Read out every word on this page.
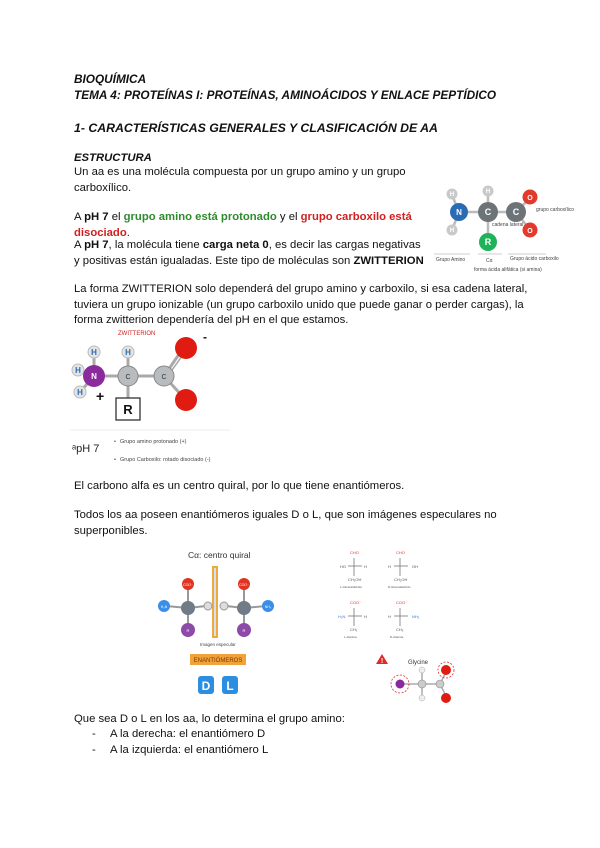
BIOQUÍMICA
TEMA 4: PROTEÍNAS I: PROTEÍNAS, AMINOÁCIDOS Y ENLACE PEPTÍDICO
1- CARACTERÍSTICAS GENERALES Y CLASIFICACIÓN DE AA
ESTRUCTURA
Un aa es una molécula compuesta por un grupo amino y un grupo carboxílico.
A pH 7 el grupo amino está protonado y el grupo carboxilo está disociado.
A pH 7, la molécula tiene carga neta 0, es decir las cargas negativas y positivas están igualadas. Este tipo de moléculas son ZWITTERION
La forma ZWITTERION solo dependerá del grupo amino y carboxilo, si esa cadena lateral, tuviera un grupo ionizable (un grupo carboxilo unido que puede ganar o perder cargas), la forma zwitterion dependería del pH en el que estamos.
H
H
H
N	C C
O
O
R
grupo carboxílico
cadena lateral
Grupo Amino	Cα	Grupo ácido carboxilo
forma ácida alifática (si amina)
ZWITTERION
H
H
H
H
N	C	C
R
+
-
ᵃpH 7
• Grupo amino protonado (+)
• Grupo Carboxilo: rotado disociado (-)
El carbono alfa es un centro quiral, por lo que tiene enantiómeros.
Todos los aa poseen enantiómeros iguales D o L, que son imágenes especulares no superponibles.
Cα: centro quiral
COO⁻	COO⁻
H₃N	NH₃
R	R
Imagen especular
ENANTIÓMEROS
D L
CHO	CHO
HO	H	H	OH
CH₂OH	CH₂OH
L-Gliceraldehído	D-Gliceraldehído
COO⁻	COO⁻
H₃N	H	H	NH₃
CH₃	CH₃
L-Alanina	D-Alanina
!	Glycine
Que sea D o L en los aa, lo determina el grupo amino:
- A la derecha: el enantiómero D
- A la izquierda: el enantiómero L
